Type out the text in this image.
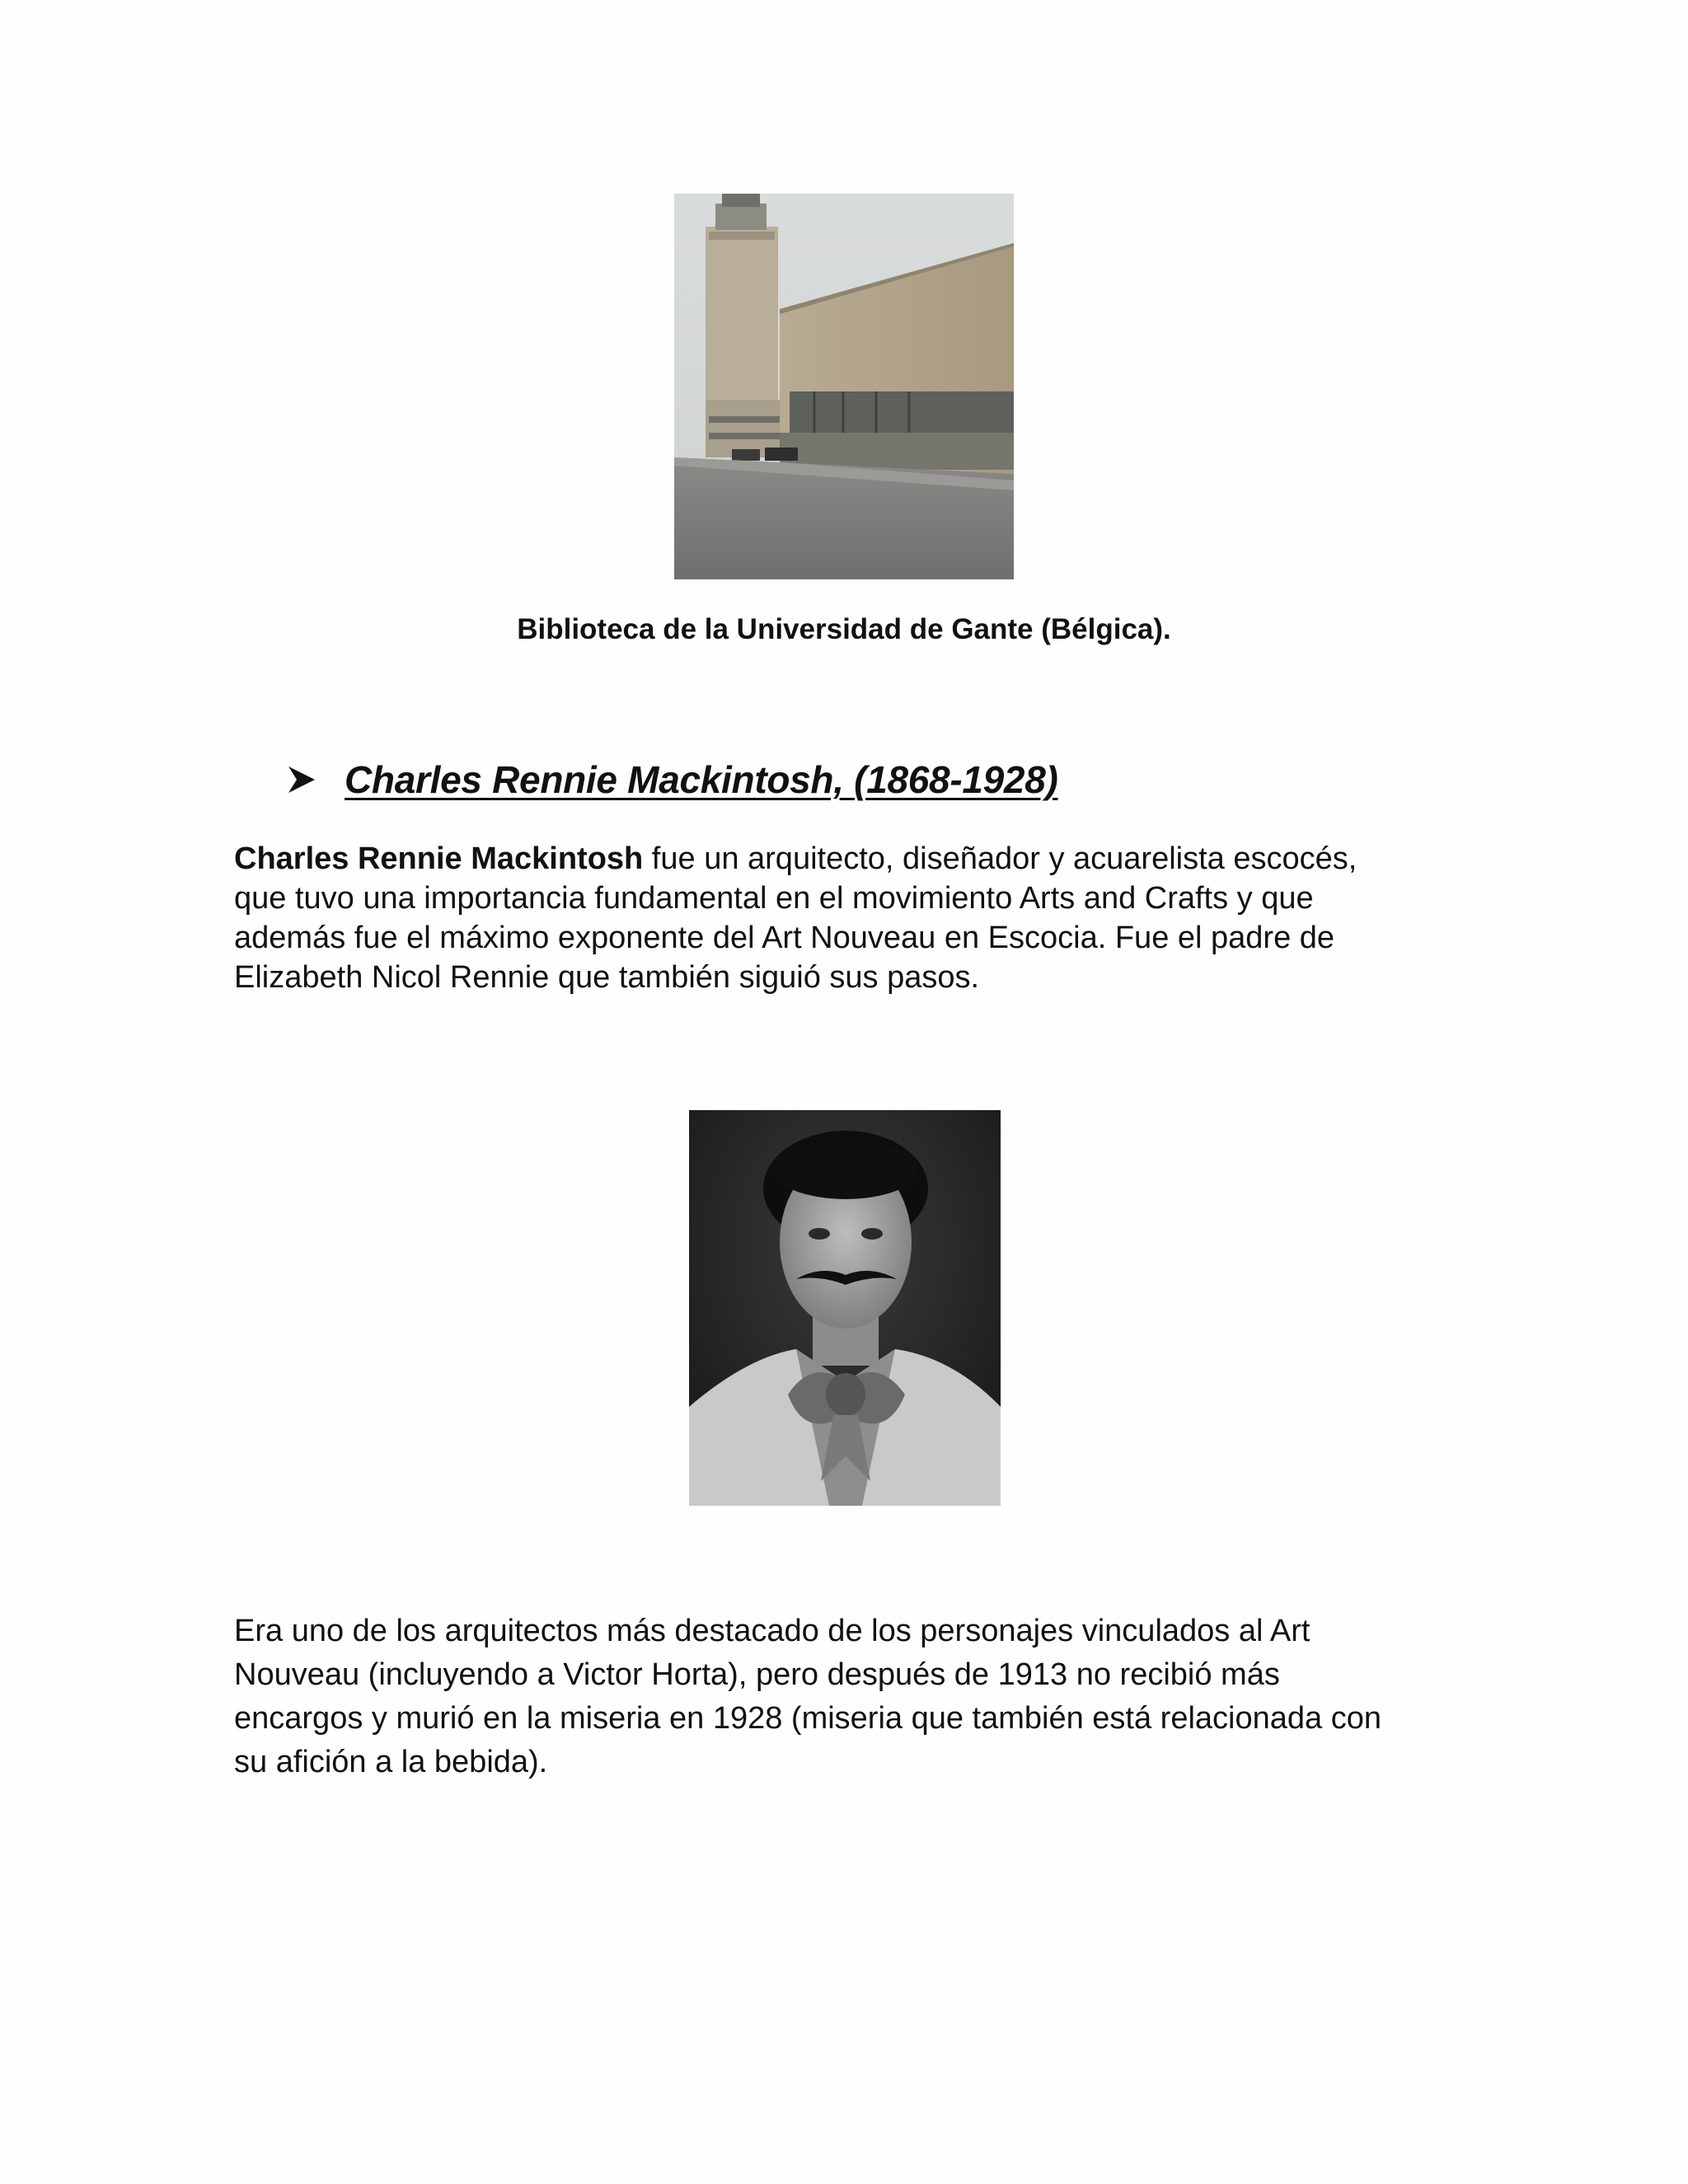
Biblioteca de la Universidad de Gante (Bélgica).
Charles Rennie Mackintosh, (1868-1928)

Charles Rennie Mackintosh fue un arquitecto, diseñador y acuarelista escocés,
que tuvo una importancia fundamental en el movimiento Arts and Crafts y que
además fue el máximo exponente del Art Nouveau en Escocia. Fue el padre de
Elizabeth Nicol Rennie que también siguió sus pasos.

Era uno de los arquitectos más destacado de los personajes vinculados al Art
Nouveau (incluyendo a Victor Horta), pero después de 1913 no recibió más
encargos y murió en la miseria en 1928 (miseria que también está relacionada con
su afición a la bebida).
